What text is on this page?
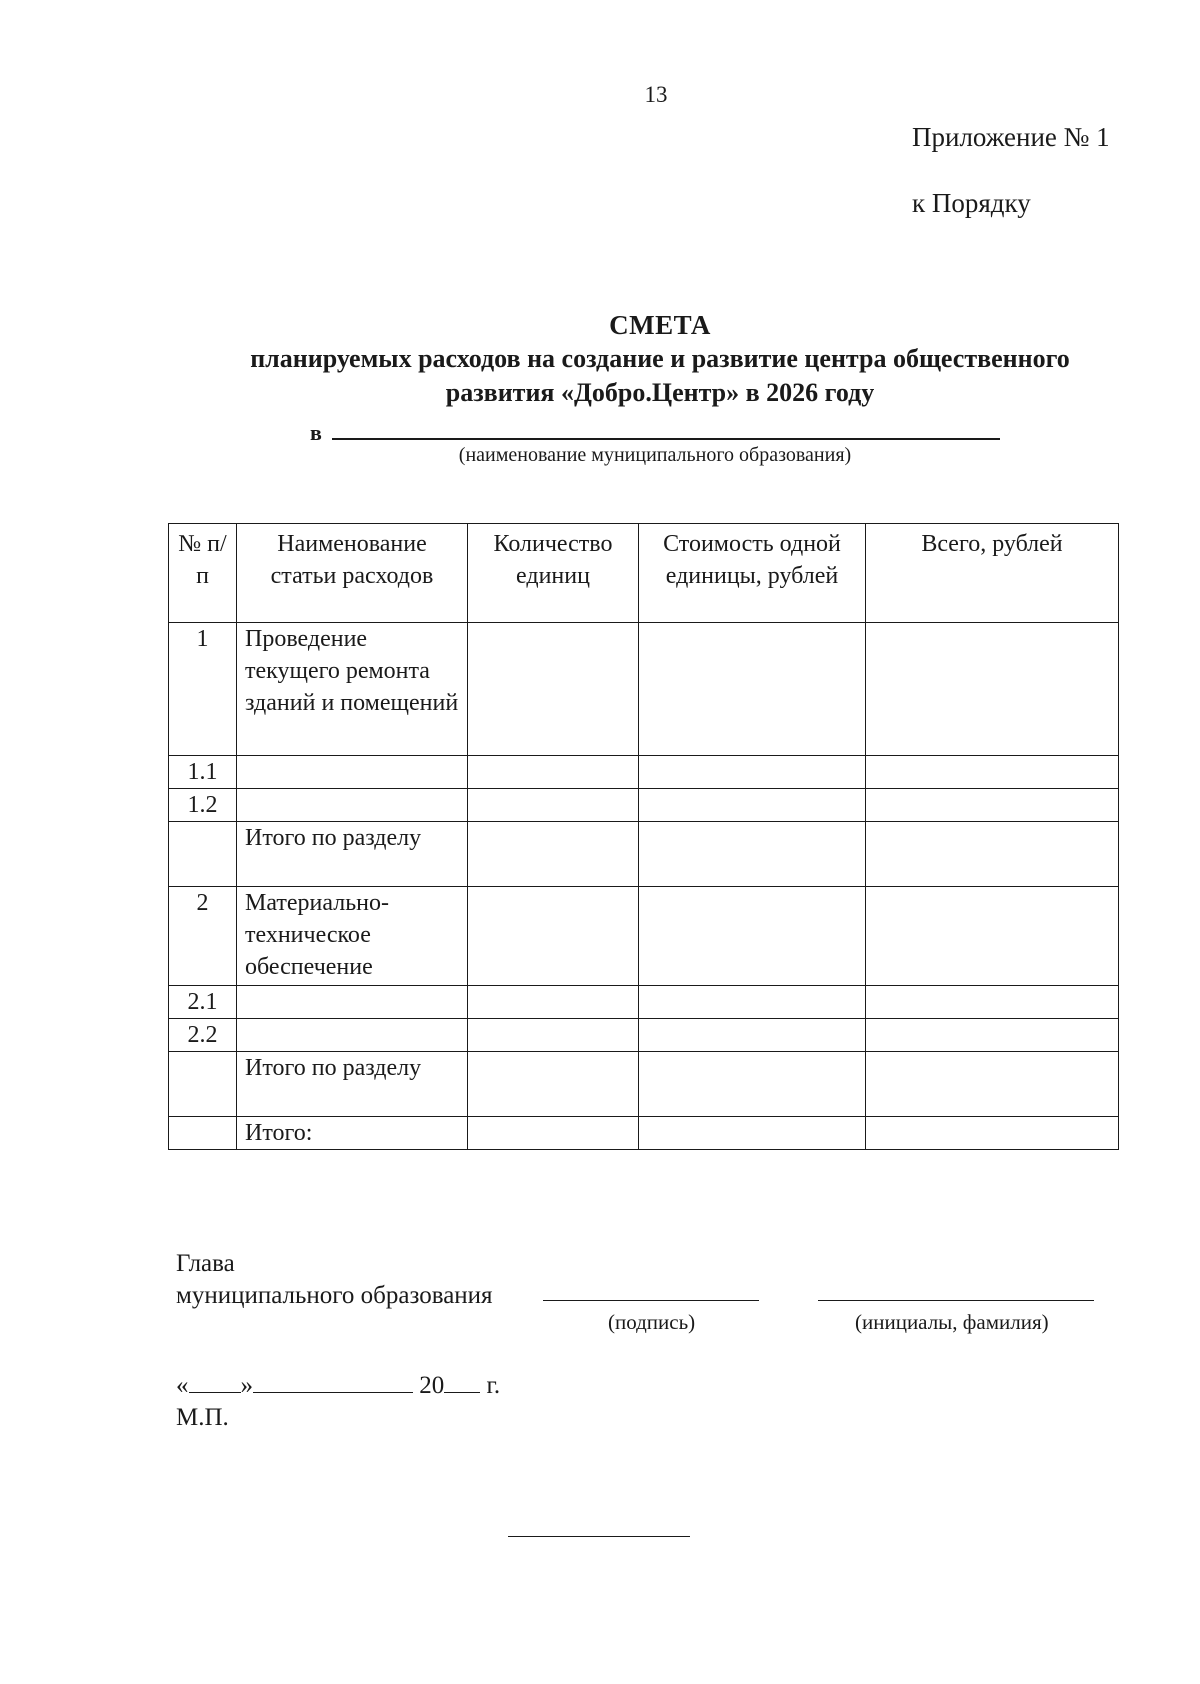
13
Приложение № 1
к Порядку
СМЕТА
планируемых расходов на создание и развитие центра общественного
развития «Добро.Центр» в 2026 году
в
(наименование муниципального образования)
№ п/п	Наименование статьи расходов	Количество единиц	Стоимость одной единицы, рублей	Всего, рублей
1	Проведение текущего ремонта зданий и помещений			
1.1				
1.2				
	Итого по разделу			
2	Материально-техническое обеспечение			
2.1				
2.2				
	Итого по разделу			
	Итого:			
Глава
муниципального образования
(подпись)	(инициалы, фамилия)
« »	20 г.
М.П.
